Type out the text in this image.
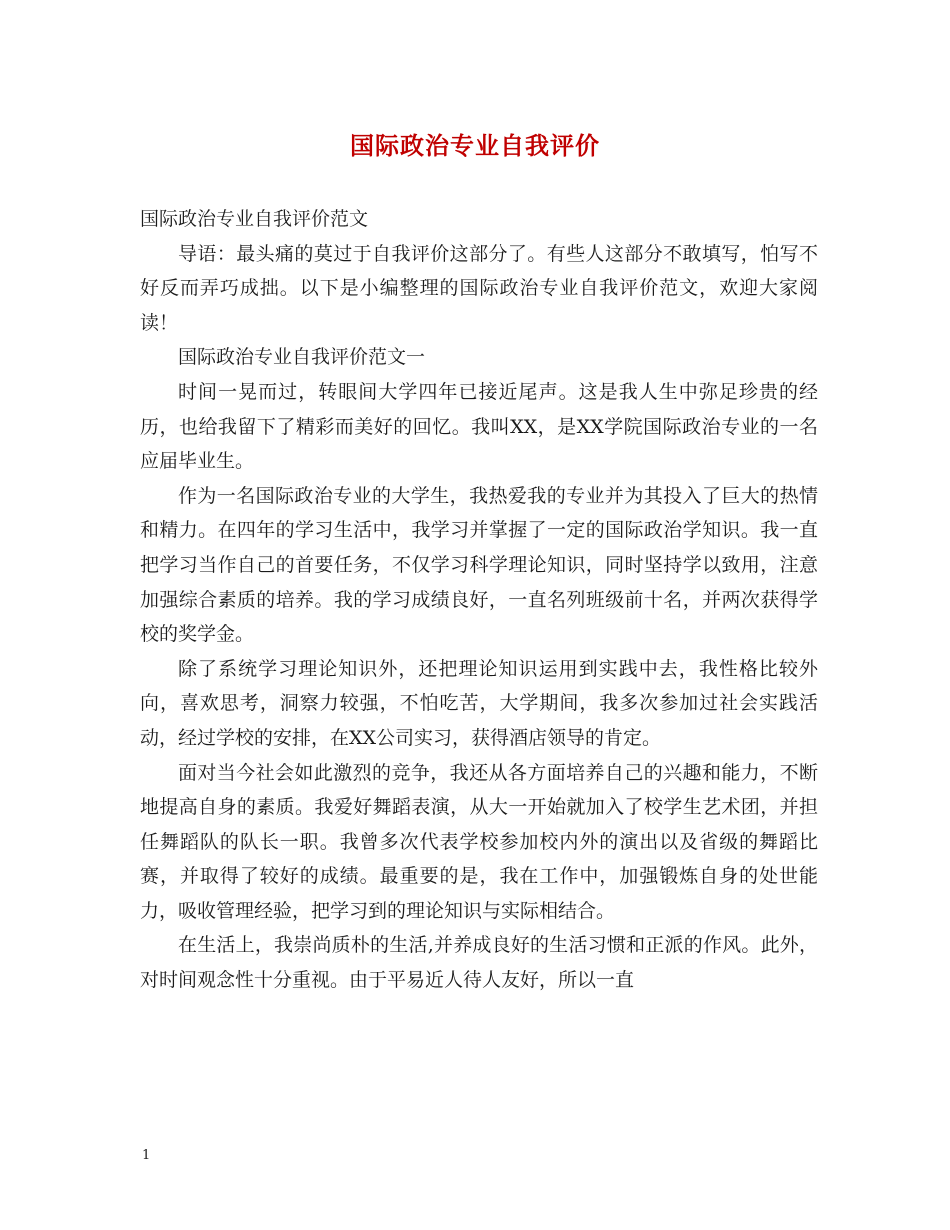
国际政治专业自我评价

国际政治专业自我评价范文

导语：最头痛的莫过于自我评价这部分了。有些人这部分不敢填写，怕写不好反而弄巧成拙。以下是小编整理的国际政治专业自我评价范文，欢迎大家阅读！

国际政治专业自我评价范文一

时间一晃而过，转眼间大学四年已接近尾声。这是我人生中弥足珍贵的经历，也给我留下了精彩而美好的回忆。我叫XX，是XX学院国际政治专业的一名应届毕业生。

作为一名国际政治专业的大学生，我热爱我的专业并为其投入了巨大的热情和精力。在四年的学习生活中，我学习并掌握了一定的国际政治学知识。我一直把学习当作自己的首要任务，不仅学习科学理论知识，同时坚持学以致用，注意加强综合素质的培养。我的学习成绩良好，一直名列班级前十名，并两次获得学校的奖学金。

除了系统学习理论知识外，还把理论知识运用到实践中去，我性格比较外向，喜欢思考，洞察力较强，不怕吃苦，大学期间，我多次参加过社会实践活动，经过学校的安排，在XX公司实习，获得酒店领导的肯定。

面对当今社会如此激烈的竞争，我还从各方面培养自己的兴趣和能力，不断地提高自身的素质。我爱好舞蹈表演，从大一开始就加入了校学生艺术团，并担任舞蹈队的队长一职。我曾多次代表学校参加校内外的演出以及省级的舞蹈比赛，并取得了较好的成绩。最重要的是，我在工作中，加强锻炼自身的处世能力，吸收管理经验，把学习到的理论知识与实际相结合。

在生活上，我崇尚质朴的生活,并养成良好的生活习惯和正派的作风。此外，对时间观念性十分重视。由于平易近人待人友好，所以一直

1
